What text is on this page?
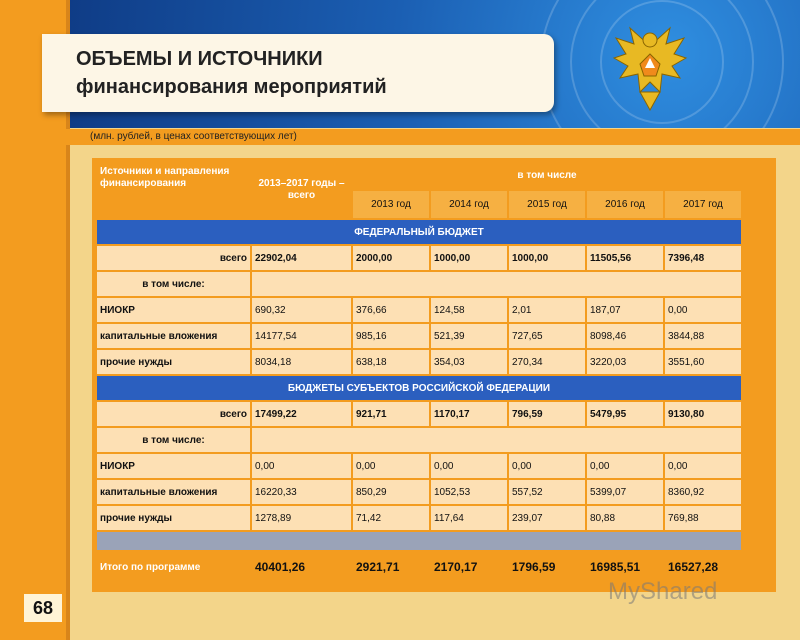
ОБЪЕМЫ И ИСТОЧНИКИ
финансирования мероприятий
(млн. рублей, в ценах соответствующих лет)
Источники и направления финансирования	2013–2017 годы – всего	в том числе				
		2013 год	2014 год	2015 год	2016 год	2017 год
ФЕДЕРАЛЬНЫЙ БЮДЖЕТ						
всего	22902,04	2000,00	1000,00	1000,00	11505,56	7396,48
в том числе:						
НИОКР	690,32	376,66	124,58	2,01	187,07	0,00
капитальные вложения	14177,54	985,16	521,39	727,65	8098,46	3844,88
прочие нужды	8034,18	638,18	354,03	270,34	3220,03	3551,60
БЮДЖЕТЫ СУБЪЕКТОВ РОССИЙСКОЙ ФЕДЕРАЦИИ						
всего	17499,22	921,71	1170,17	796,59	5479,95	9130,80
в том числе:						
НИОКР	0,00	0,00	0,00	0,00	0,00	0,00
капитальные вложения	16220,33	850,29	1052,53	557,52	5399,07	8360,92
прочие нужды	1278,89	71,42	117,64	239,07	80,88	769,88

Итого по программе	40401,26	2921,71	2170,17	1796,59	16985,51	16527,28
68
MyShared
